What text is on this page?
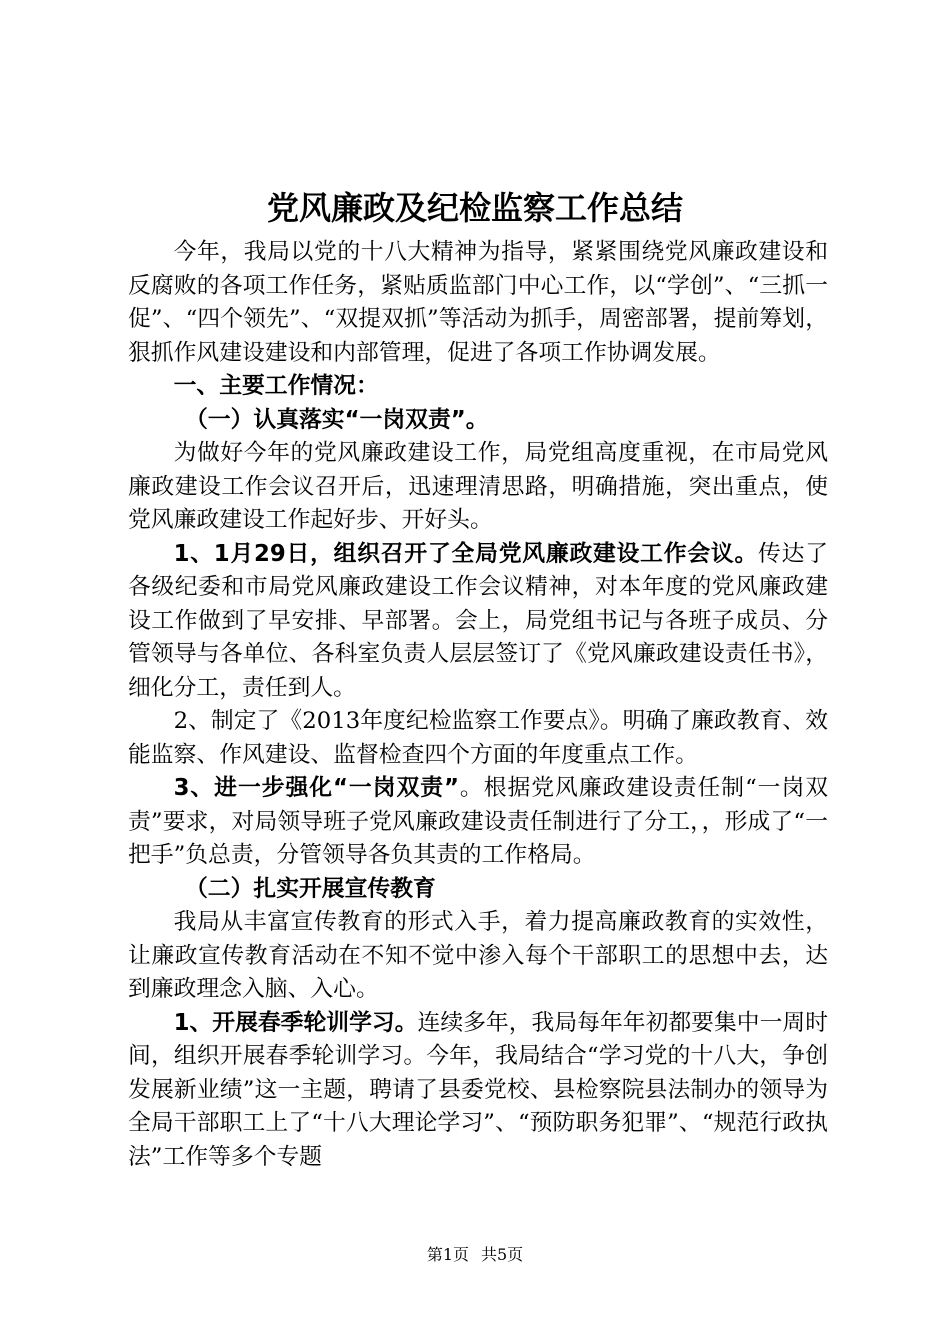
党风廉政及纪检监察工作总结

今年，我局以党的十八大精神为指导，紧紧围绕党风廉政建设和反腐败的各项工作任务，紧贴质监部门中心工作，以“学创”、“三抓一促”、“四个领先”、“双提双抓”等活动为抓手，周密部署，提前筹划，狠抓作风建设建设和内部管理，促进了各项工作协调发展。

一、主要工作情况：

（一）认真落实“一岗双责”。

为做好今年的党风廉政建设工作，局党组高度重视，在市局党风廉政建设工作会议召开后，迅速理清思路，明确措施，突出重点，使党风廉政建设工作起好步、开好头。

1、1月29日，组织召开了全局党风廉政建设工作会议。传达了各级纪委和市局党风廉政建设工作会议精神，对本年度的党风廉政建设工作做到了早安排、早部署。会上，局党组书记与各班子成员、分管领导与各单位、各科室负责人层层签订了《党风廉政建设责任书》，细化分工，责任到人。

2、制定了《2013年度纪检监察工作要点》。明确了廉政教育、效能监察、作风建设、监督检查四个方面的年度重点工作。

3、进一步强化“一岗双责”。根据党风廉政建设责任制“一岗双责”要求，对局领导班子党风廉政建设责任制进行了分工，，形成了“一把手”负总责，分管领导各负其责的工作格局。

（二）扎实开展宣传教育

我局从丰富宣传教育的形式入手，着力提高廉政教育的实效性，让廉政宣传教育活动在不知不觉中渗入每个干部职工的思想中去，达到廉政理念入脑、入心。

1、开展春季轮训学习。连续多年，我局每年年初都要集中一周时间，组织开展春季轮训学习。今年，我局结合“学习党的十八大，争创发展新业绩”这一主题，聘请了县委党校、县检察院县法制办的领导为全局干部职工上了“十八大理论学习”、“预防职务犯罪”、“规范行政执法”工作等多个专题

第1页 共5页
